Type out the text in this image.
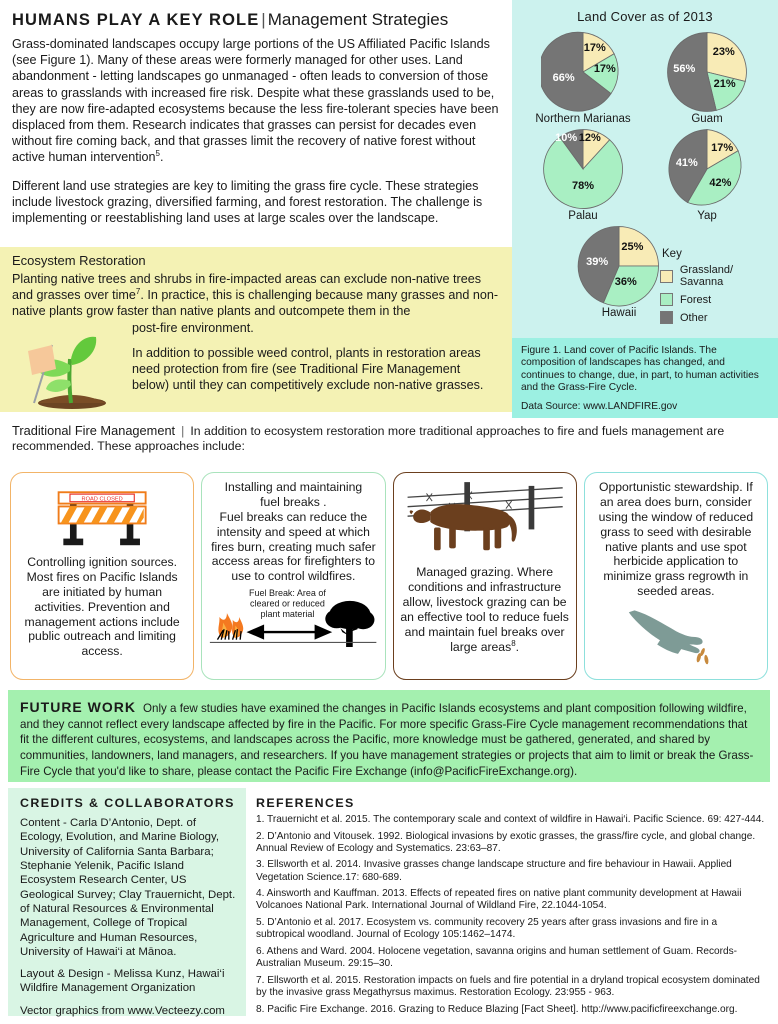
HUMANS PLAY A KEY ROLE | Management Strategies
Grass-dominated landscapes occupy large portions of the US Affiliated Pacific Islands (see Figure 1). Many of these areas were formerly managed for other uses. Land abandonment - letting landscapes go unmanaged - often leads to conversion of those areas to grasslands with increased fire risk. Despite what these grasslands used to be, they are now fire-adapted ecosystems because the less fire-tolerant species have been displaced from them. Research indicates that grasses can persist for decades even without fire coming back, and that grasses limit the recovery of native forest without active human intervention$^5$.
Different land use strategies are key to limiting the grass fire cycle. These strategies include livestock grazing, diversified farming, and forest restoration. The challenge is implementing or reestablishing land uses at large scales over the landscape.
Ecosystem Restoration
Planting native trees and shrubs in fire-impacted areas can exclude non-native trees and grasses over time$^7$. In practice, this is challenging because many grasses and non-native plants grow faster than native plants and outcompete them in the
post-fire environment.
In addition to possible weed control, plants in restoration areas need protection from fire (see Traditional Fire Management below) until they can competitively exclude non-native grasses.
Land Cover as of 2013
17%
17%
66%
Northern Marianas
23%
21%
56%
Guam
10% 12%
78%
Palau
17%
42%
41%
Yap
25%
36%
39%
Hawaii
Key
Grassland/ Savanna
Forest
Other

Figure 1. Land cover of Pacific Islands. The composition of landscapes has changed, and continues to change, due, in part, to human activities and the Grass-Fire Cycle.

Data Source: www.LANDFIRE.gov

Traditional Fire Management | In addition to ecosystem restoration more traditional approaches to fire and fuels management are recommended. These approaches include:
ROAD CLOSED
Controlling ignition sources. Most fires on Pacific Islands are initiated by human activities. Prevention and management actions include public outreach and limiting access.
Installing and maintaining
fuel breaks .
Fuel breaks can reduce the intensity and speed at which fires burn, creating much safer access areas for firefighters to use to control wildfires.
Fuel Break: Area of
cleared or reduced
plant material
Managed grazing. Where conditions and infrastructure allow, livestock grazing can be an effective tool to reduce fuels and maintain fuel breaks over large areas$^8$.
Opportunistic stewardship. If an area does burn, consider using the window of reduced grass to seed with desirable native plants and use spot herbicide application to minimize grass regrowth in seeded areas.
FUTURE WORK Only a few studies have examined the changes in Pacific Islands ecosystems and plant composition following wildfire, and they cannot reflect every landscape affected by fire in the Pacific. For more specific Grass-Fire Cycle management recommendations that fit the different cultures, ecosystems, and landscapes across the Pacific, more knowledge must be gathered, generated, and shared by communities, landowners, land managers, and researchers. If you have management strategies or projects that aim to limit or break the Grass-Fire Cycle that you'd like to share, please contact the Pacific Fire Exchange (info@PacificFireExchange.org).
CREDITS & COLLABORATORS

Content - Carla D’Antonio, Dept. of Ecology, Evolution, and Marine Biology, University of California Santa Barbara; Stephanie Yelenik, Pacific Island Ecosystem Research Center, US Geological Survey; Clay Trauernicht, Dept. of Natural Resources & Environmental Management, College of Tropical Agriculture and Human Resources, University of Hawai‘i at Mānoa.

Layout & Design - Melissa Kunz, Hawai‘i Wildfire Management Organization

Vector graphics from www.Vecteezy.com

REFERENCES

1. Trauernicht et al. 2015. The contemporary scale and context of wildfire in Hawai‘i. Pacific Science. 69: 427-444.

2. D’Antonio and Vitousek. 1992. Biological invasions by exotic grasses, the grass/fire cycle, and global change. Annual Review of Ecology and Systematics. 23:63–87.

3. Ellsworth et al. 2014. Invasive grasses change landscape structure and fire behaviour in Hawaii. Applied Vegetation Science.17: 680-689.

4. Ainsworth and Kauffman. 2013. Effects of repeated fires on native plant community development at Hawaii Volcanoes National Park. International Journal of Wildland Fire, 22.1044-1054.

5. D’Antonio et al. 2017. Ecosystem vs. community recovery 25 years after grass invasions and fire in a subtropical woodland. Journal of Ecology 105:1462–1474.

6. Athens and Ward. 2004. Holocene vegetation, savanna origins and human settlement of Guam. Records-Australian Museum. 29:15–30.

7. Ellsworth et al. 2015. Restoration impacts on fuels and fire potential in a dryland tropical ecosystem dominated by the invasive grass Megathyrsus maximus. Restoration Ecology. 23:955 - 963.

8. Pacific Fire Exchange. 2016. Grazing to Reduce Blazing [Fact Sheet]. http://www.pacificfireexchange.org.
